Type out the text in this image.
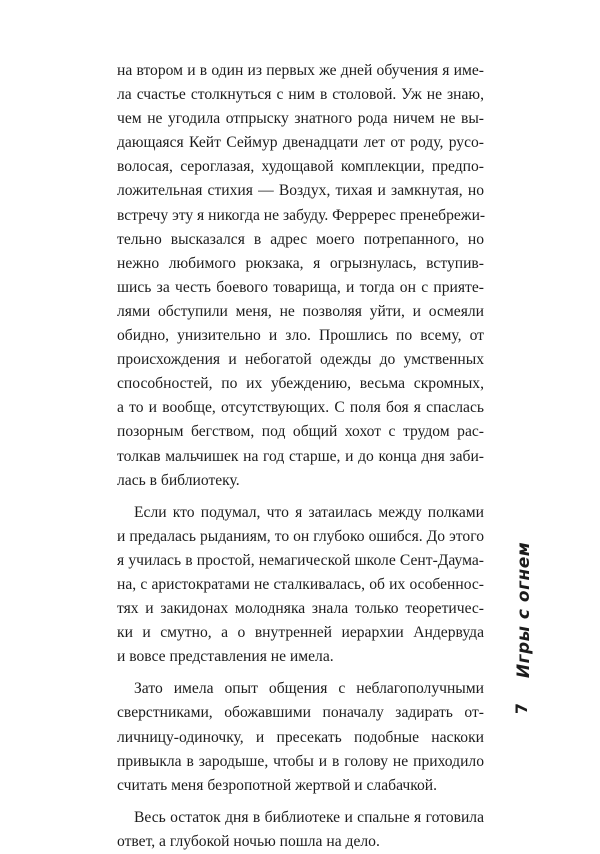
на втором и в один из первых же дней обучения я име-
ла счастье столкнуться с ним в столовой. Уж не знаю,
чем не угодила отпрыску знатного рода ничем не вы-
дающаяся Кейт Сеймур двенадцати лет от роду, русо-
волосая, сероглазая, худощавой комплекции, предпо-
ложительная стихия — Воздух, тихая и замкнутая, но
встречу эту я никогда не забуду. Ферререс пренебрежи-
тельно высказался в адрес моего потрепанного, но
нежно любимого рюкзака, я огрызнулась, вступив-
шись за честь боевого товарища, и тогда он с прияте-
лями обступили меня, не позволяя уйти, и осмеяли
обидно, унизительно и зло. Прошлись по всему, от
происхождения и небогатой одежды до умственных
способностей, по их убеждению, весьма скромных,
а то и вообще, отсутствующих. С поля боя я спаслась
позорным бегством, под общий хохот с трудом рас-
толкав мальчишек на год старше, и до конца дня заби-
лась в библиотеку.
Если кто подумал, что я затаилась между полками
и предалась рыданиям, то он глубоко ошибся. До этого
я училась в простой, немагической школе Сент-Даума-
на, с аристократами не сталкивалась, об их особеннос-
тях и закидонах молодняка знала только теоретичес-
ки и смутно, а о внутренней иерархии Андервуда
и вовсе представления не имела.
Зато имела опыт общения с неблагополучными
сверстниками, обожавшими поначалу задирать от-
личницу-одиночку, и пресекать подобные наскоки
привыкла в зародыше, чтобы и в голову не приходило
считать меня безропотной жертвой и слабачкой.
Весь остаток дня в библиотеке и спальне я готовила
ответ, а глубокой ночью пошла на дело.
Игры с огнем
7
